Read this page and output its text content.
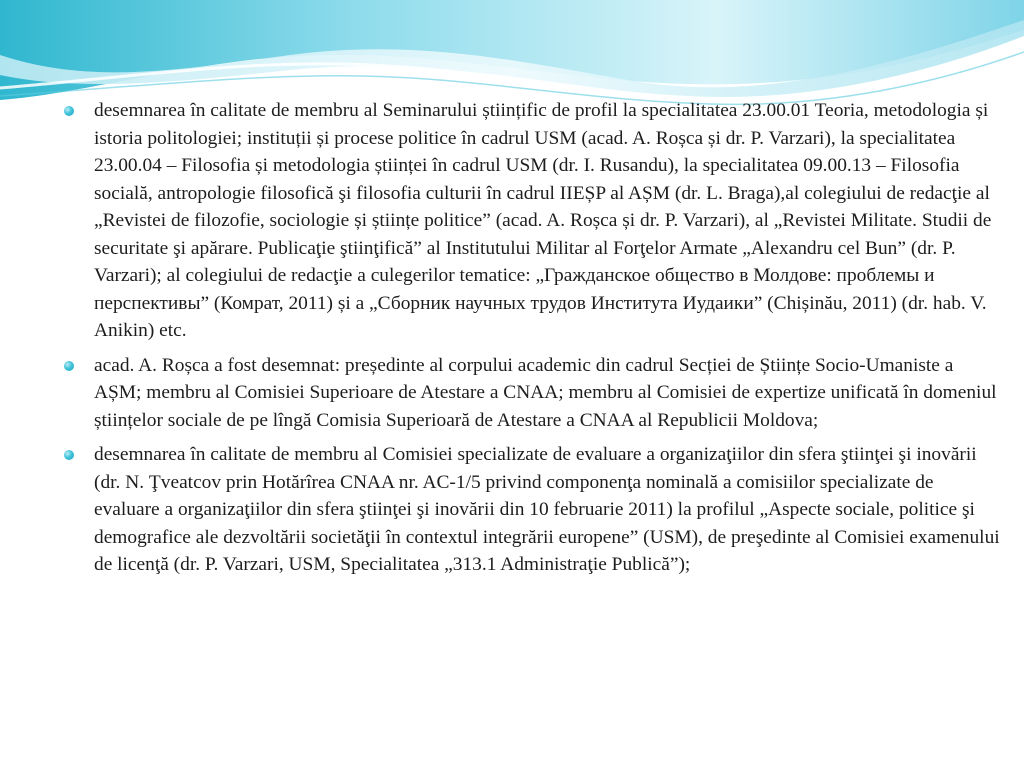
desemnarea în calitate de membru al Seminarului științific de profil la specialitatea 23.00.01 Teoria, metodologia și istoria politologiei; instituții și procese politice în cadrul USM (acad. A. Roșca și dr. P. Varzari), la specialitatea 23.00.04 – Filosofia și metodologia științei în cadrul USM (dr. I. Rusandu), la specialitatea 09.00.13 – Filosofia socială, antropologie filosofică şi filosofia culturii în cadrul IIEȘP al AȘM (dr. L. Braga),al colegiului de redacţie al „Revistei de filozofie, sociologie și științe politice” (acad. A. Roșca și dr. P. Varzari), al „Revistei Militate. Studii de securitate şi apărare. Publicaţie ştiinţifică” al Institutului Militar al Forţelor Armate „Alexandru cel Bun” (dr. P. Varzari); al colegiului de redacţie a culegerilor tematice: „Гражданское общество в Молдове: проблемы и перспективы” (Комрат, 2011) și a „Сборник научных трудов Института Иудаики” (Chișinău, 2011) (dr. hab. V. Anikin) etc.
acad. A. Roșca a fost desemnat: președinte al corpului academic din cadrul Secției de Științe Socio-Umaniste a AȘM; membru al Comisiei Superioare de Atestare a CNAA; membru al Comisiei de expertize unificată în domeniul științelor sociale de pe lîngă Comisia Superioară de Atestare a CNAA al Republicii Moldova;
desemnarea în calitate de membru al Comisiei specializate de evaluare a organizaţiilor din sfera ştiinţei şi inovării (dr. N. Ţveatcov prin Hotărîrea CNAA nr. AC-1/5 privind componenţa nominală a comisiilor specializate de evaluare a organizaţiilor din sfera ştiinţei şi inovării din 10 februarie 2011) la profilul „Aspecte sociale, politice şi demografice ale dezvoltării societăţii în contextul integrării europene” (USM), de preşedinte al Comisiei examenului de licenţă (dr. P. Varzari, USM, Specialitatea „313.1 Administraţie Publică”);
